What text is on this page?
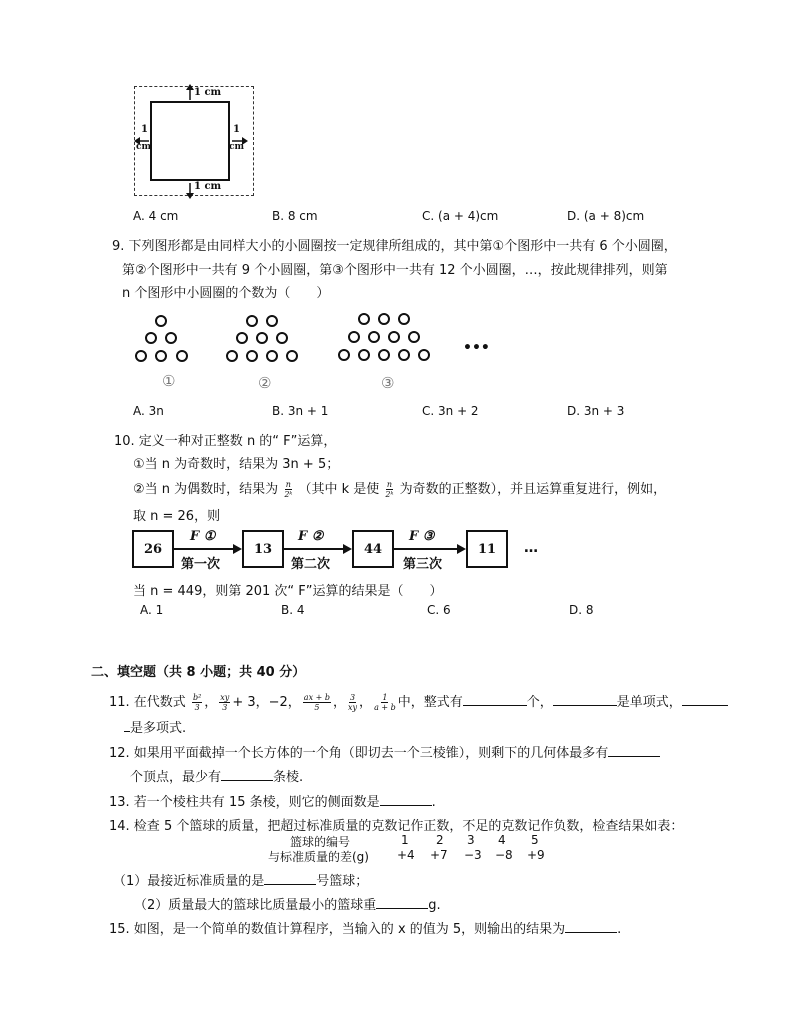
1 cm
1 cm
1
cm
1
cm
A. 4 cm	B. 8 cm	C. (a + 4)cm	D. (a + 8)cm
9. 下列图形都是由同样大小的小圆圈按一定规律所组成的，其中第①个图形中一共有 6 个小圆圈，
第②个图形中一共有 9 个小圆圈，第③个图形中一共有 12 个小圆圈，…，按此规律排列，则第
n 个图形中小圆圈的个数为（　　）
•••
①	②	③
A. 3n	B. 3n + 1	C. 3n + 2	D. 3n + 3
10. 定义一种对正整数 n 的“ F”运算，
①当 n 为奇数时，结果为 3n + 5；
②当 n 为偶数时，结果为 $\frac{n}{\text{2ᵏ}}$ （其中 k 是使 $\frac{n}{\text{2ᵏ}}$ 为奇数的正整数），并且运算重复进行，例如，
取 n = 26，则
26	13	44	11
F ①	F ②	F ③
第一次	第二次	第三次
…
当 n = 449，则第 201 次“ F”运算的结果是（　　）
A. 1	B. 4	C. 6	D. 8
二、填空题（共 8 小题；共 40 分）
11. 在代数式 $\frac{\text{b²}}{3}$ ， $\frac{xy}{3} + 3$，−2， $\frac{ax + b}{5}$ ， $\frac{3}{xy}$ ， $\frac{1}{a + b}$ 中，整式有	个，	是单项式，
是多项式.
12. 如果用平面截掉一个长方体的一个角（即切去一个三棱锥），则剩下的几何体最多有
个顶点，最少有	条棱.
13. 若一个棱柱共有 15 条棱，则它的侧面数是	.
14. 检查 5 个篮球的质量，把超过标准质量的克数记作正数，不足的克数记作负数，检查结果如表：
篮球的编号	1 2 3 4 5
与标准质量的差(g) +4 +7 −3 −8 +9
（1）最接近标准质量的是	号篮球；
（2）质量最大的篮球比质量最小的篮球重	g.
15. 如图，是一个简单的数值计算程序，当输入的 x 的值为 5，则输出的结果为	.
